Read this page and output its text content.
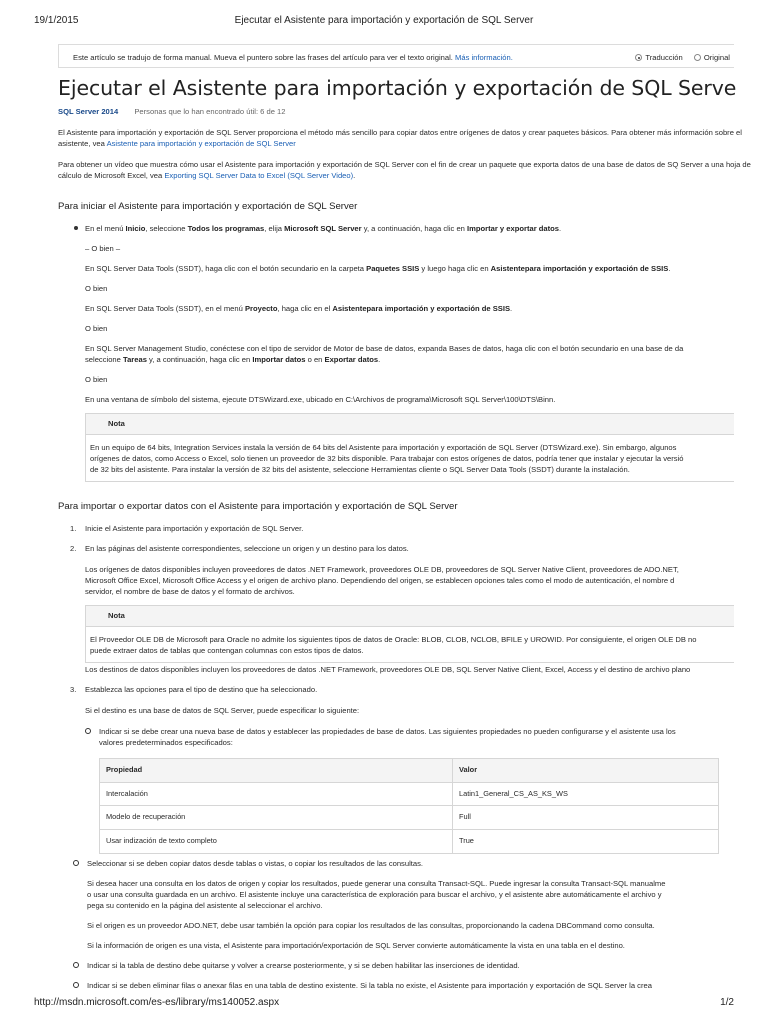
19/1/2015	Ejecutar el Asistente para importación y exportación de SQL Server
Este artículo se tradujo de forma manual. Mueva el puntero sobre las frases del artículo para ver el texto original. Más información.	Traducción	Original
Ejecutar el Asistente para importación y exportación de SQL Serve
SQL Server 2014 Personas que lo han encontrado útil: 6 de 12

El Asistente para importación y exportación de SQL Server proporciona el método más sencillo para copiar datos entre orígenes de datos y crear paquetes básicos. Para obtener más información sobre el asistente, vea Asistente para importación y exportación de SQL Server

Para obtener un vídeo que muestra cómo usar el Asistente para importación y exportación de SQL Server con el fin de crear un paquete que exporta datos de una base de datos de SQ Server a una hoja de cálculo de Microsoft Excel, vea Exporting SQL Server Data to Excel (SQL Server Video).

Para iniciar el Asistente para importación y exportación de SQL Server

En el menú Inicio, seleccione Todos los programas, elija Microsoft SQL Server y, a continuación, haga clic en Importar y exportar datos.

– O bien –

En SQL Server Data Tools (SSDT), haga clic con el botón secundario en la carpeta Paquetes SSIS y luego haga clic en Asistentepara importación y exportación de SSIS.

O bien

En SQL Server Data Tools (SSDT), en el menú Proyecto, haga clic en el Asistentepara importación y exportación de SSIS.

O bien

En SQL Server Management Studio, conéctese con el tipo de servidor de Motor de base de datos, expanda Bases de datos, haga clic con el botón secundario en una base de da
seleccione Tareas y, a continuación, haga clic en Importar datos o en Exportar datos.

O bien

En una ventana de símbolo del sistema, ejecute DTSWizard.exe, ubicado en C:\Archivos de programa\Microsoft SQL Server\100\DTS\Binn.

Nota
En un equipo de 64 bits, Integration Services instala la versión de 64 bits del Asistente para importación y exportación de SQL Server (DTSWizard.exe). Sin embargo, algunos
orígenes de datos, como Access o Excel, solo tienen un proveedor de 32 bits disponible. Para trabajar con estos orígenes de datos, podría tener que instalar y ejecutar la versió
de 32 bits del asistente. Para instalar la versión de 32 bits del asistente, seleccione Herramientas cliente o SQL Server Data Tools (SSDT) durante la instalación.
Para importar o exportar datos con el Asistente para importación y exportación de SQL Server
1. Inicie el Asistente para importación y exportación de SQL Server.

2. En las páginas del asistente correspondientes, seleccione un origen y un destino para los datos.

Los orígenes de datos disponibles incluyen proveedores de datos .NET Framework, proveedores OLE DB, proveedores de SQL Server Native Client, proveedores de ADO.NET,
Microsoft Office Excel, Microsoft Office Access y el origen de archivo plano. Dependiendo del origen, se establecen opciones tales como el modo de autenticación, el nombre d
servidor, el nombre de base de datos y el formato de archivos.

Nota
El Proveedor OLE DB de Microsoft para Oracle no admite los siguientes tipos de datos de Oracle: BLOB, CLOB, NCLOB, BFILE y UROWID. Por consiguiente, el origen OLE DB no
puede extraer datos de tablas que contengan columnas con estos tipos de datos.

Los destinos de datos disponibles incluyen los proveedores de datos .NET Framework, proveedores OLE DB, SQL Server Native Client, Excel, Access y el destino de archivo plano

3. Establezca las opciones para el tipo de destino que ha seleccionado.

Si el destino es una base de datos de SQL Server, puede especificar lo siguiente:

Indicar si se debe crear una nueva base de datos y establecer las propiedades de base de datos. Las siguientes propiedades no pueden configurarse y el asistente usa los
valores predeterminados especificados:

Propiedad	Valor
Intercalación	Latin1_General_CS_AS_KS_WS
Modelo de recuperación	Full
Usar indización de texto completo	True

Seleccionar si se deben copiar datos desde tablas o vistas, o copiar los resultados de las consultas.

Si desea hacer una consulta en los datos de origen y copiar los resultados, puede generar una consulta Transact-SQL. Puede ingresar la consulta Transact-SQL manualme
o usar una consulta guardada en un archivo. El asistente incluye una característica de exploración para buscar el archivo, y el asistente abre automáticamente el archivo y
pega su contenido en la página del asistente al seleccionar el archivo.

Si el origen es un proveedor ADO.NET, debe usar también la opción para copiar los resultados de las consultas, proporcionando la cadena DBCommand como consulta.

Si la información de origen es una vista, el Asistente para importación/exportación de SQL Server convierte automáticamente la vista en una tabla en el destino.

Indicar si la tabla de destino debe quitarse y volver a crearse posteriormente, y si se deben habilitar las inserciones de identidad.

Indicar si se deben eliminar filas o anexar filas en una tabla de destino existente. Si la tabla no existe, el Asistente para importación y exportación de SQL Server la crea

http://msdn.microsoft.com/es-es/library/ms140052.aspx	1/2
